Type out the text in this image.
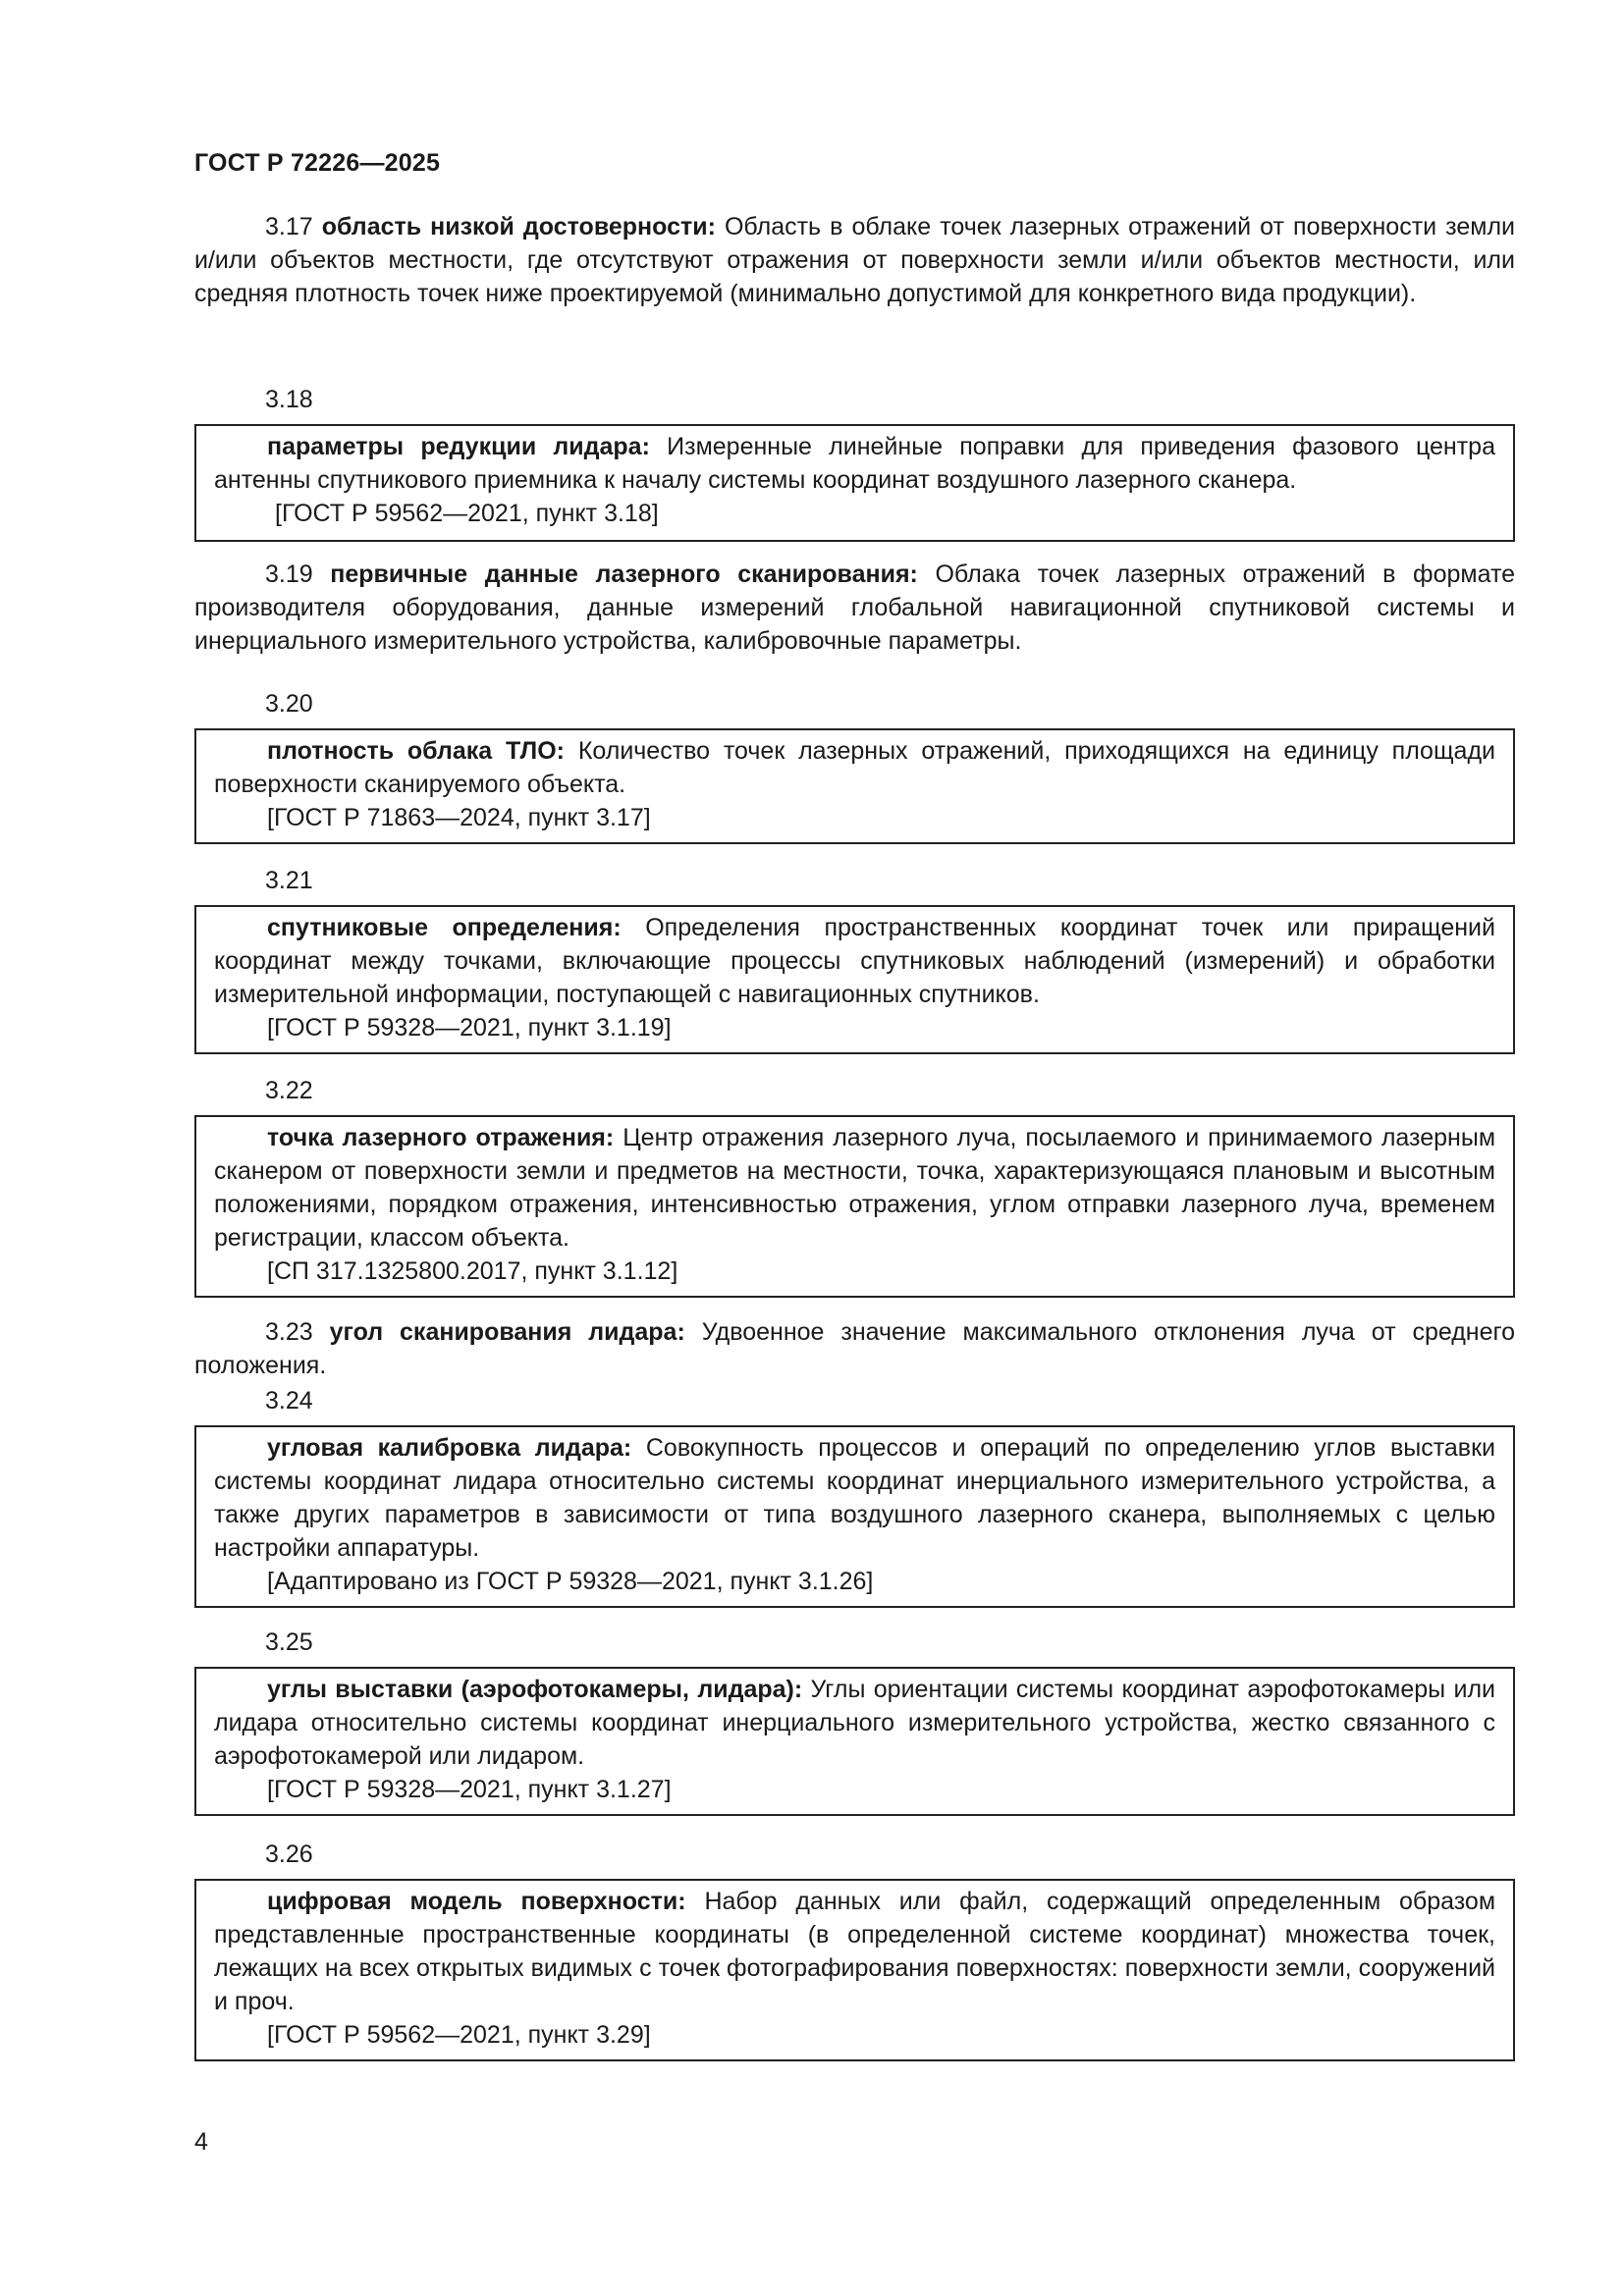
ГОСТ Р 72226—2025

3.17 область низкой достоверности: Область в облаке точек лазерных отражений от поверхности земли и/или объектов местности, где отсутствуют отражения от поверхности земли и/или объектов местности, или средняя плотность точек ниже проектируемой (минимально допустимой для конкретного вида продукции).

3.18

параметры редукции лидара: Измеренные линейные поправки для приведения фазового центра антенны спутникового приемника к началу системы координат воздушного лазерного сканера.

[ГОСТ Р 59562—2021, пункт 3.18]

3.19 первичные данные лазерного сканирования: Облака точек лазерных отражений в формате производителя оборудования, данные измерений глобальной навигационной спутниковой системы и инерциального измерительного устройства, калибровочные параметры.

3.20

плотность облака ТЛО: Количество точек лазерных отражений, приходящихся на единицу площади поверхности сканируемого объекта.

[ГОСТ Р 71863—2024, пункт 3.17]

3.21

спутниковые определения: Определения пространственных координат точек или приращений координат между точками, включающие процессы спутниковых наблюдений (измерений) и обработки измерительной информации, поступающей с навигационных спутников.

[ГОСТ Р 59328—2021, пункт 3.1.19]

3.22

точка лазерного отражения: Центр отражения лазерного луча, посылаемого и принимаемого лазерным сканером от поверхности земли и предметов на местности, точка, характеризующаяся плановым и высотным положениями, порядком отражения, интенсивностью отражения, углом отправки лазерного луча, временем регистрации, классом объекта.

[СП 317.1325800.2017, пункт 3.1.12]

3.23 угол сканирования лидара: Удвоенное значение максимального отклонения луча от среднего положения.

3.24

угловая калибровка лидара: Совокупность процессов и операций по определению углов выставки системы координат лидара относительно системы координат инерциального измерительного устройства, а также других параметров в зависимости от типа воздушного лазерного сканера, выполняемых с целью настройки аппаратуры.

[Адаптировано из ГОСТ Р 59328—2021, пункт 3.1.26]

3.25

углы выставки (аэрофотокамеры, лидара): Углы ориентации системы координат аэрофотокамеры или лидара относительно системы координат инерциального измерительного устройства, жестко связанного с аэрофотокамерой или лидаром.

[ГОСТ Р 59328—2021, пункт 3.1.27]

3.26

цифровая модель поверхности: Набор данных или файл, содержащий определенным образом представленные пространственные координаты (в определенной системе координат) множества точек, лежащих на всех открытых видимых с точек фотографирования поверхностях: поверхности земли, сооружений и проч.

[ГОСТ Р 59562—2021, пункт 3.29]

4
